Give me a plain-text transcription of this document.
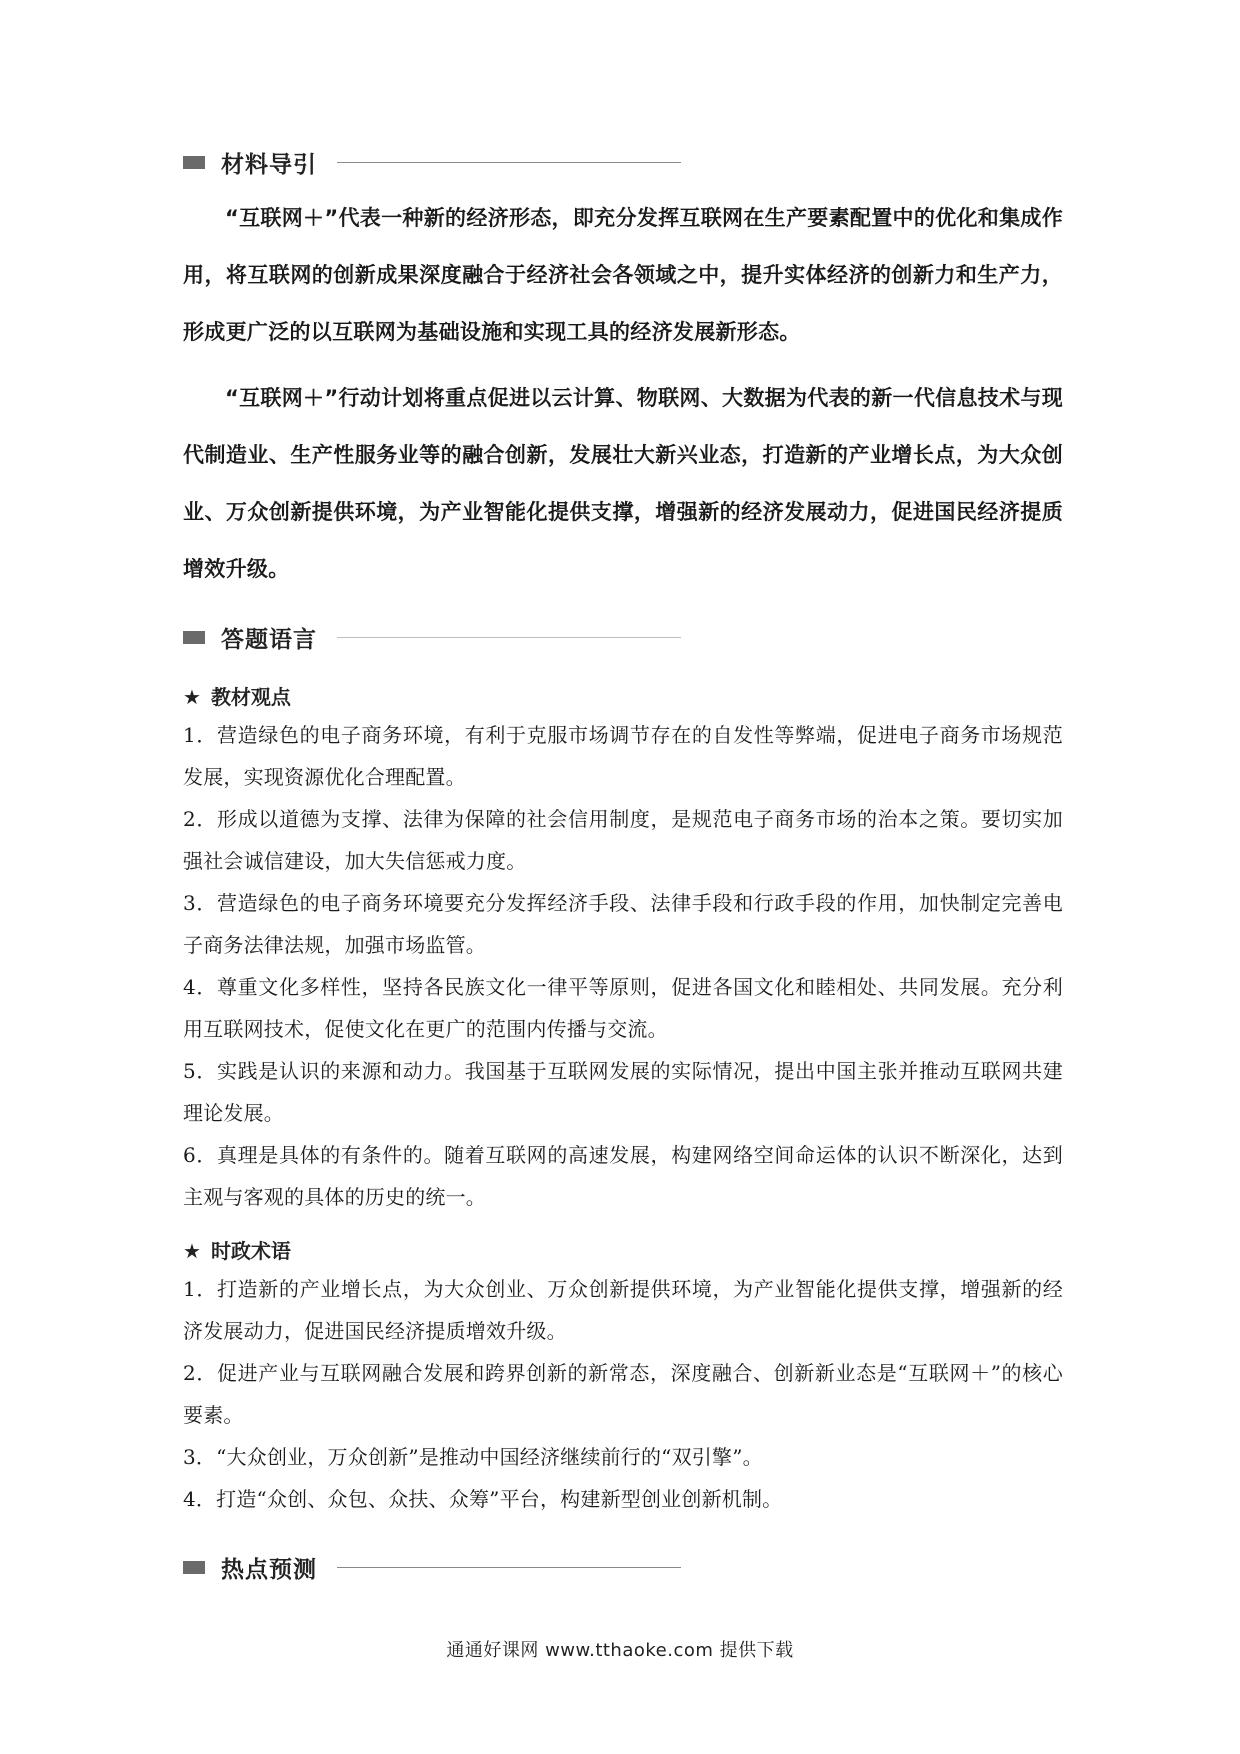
材料导引

“互联网＋”代表一种新的经济形态，即充分发挥互联网在生产要素配置中的优化和集成作用，将互联网的创新成果深度融合于经济社会各领域之中，提升实体经济的创新力和生产力，形成更广泛的以互联网为基础设施和实现工具的经济发展新形态。

“互联网＋”行动计划将重点促进以云计算、物联网、大数据为代表的新一代信息技术与现代制造业、生产性服务业等的融合创新，发展壮大新兴业态，打造新的产业增长点，为大众创业、万众创新提供环境，为产业智能化提供支撑，增强新的经济发展动力，促进国民经济提质增效升级。

答题语言
★ 教材观点
1．营造绿色的电子商务环境，有利于克服市场调节存在的自发性等弊端，促进电子商务市场规范发展，实现资源优化合理配置。
2．形成以道德为支撑、法律为保障的社会信用制度，是规范电子商务市场的治本之策。要切实加强社会诚信建设，加大失信惩戒力度。
3．营造绿色的电子商务环境要充分发挥经济手段、法律手段和行政手段的作用，加快制定完善电子商务法律法规，加强市场监管。
4．尊重文化多样性，坚持各民族文化一律平等原则，促进各国文化和睦相处、共同发展。充分利用互联网技术，促使文化在更广的范围内传播与交流。
5．实践是认识的来源和动力。我国基于互联网发展的实际情况，提出中国主张并推动互联网共建理论发展。
6．真理是具体的有条件的。随着互联网的高速发展，构建网络空间命运体的认识不断深化，达到主观与客观的具体的历史的统一。
★ 时政术语
1．打造新的产业增长点，为大众创业、万众创新提供环境，为产业智能化提供支撑，增强新的经济发展动力，促进国民经济提质增效升级。
2．促进产业与互联网融合发展和跨界创新的新常态，深度融合、创新新业态是“互联网＋”的核心要素。
3．“大众创业，万众创新”是推动中国经济继续前行的“双引擎”。
4．打造“众创、众包、众扶、众筹”平台，构建新型创业创新机制。
热点预测
通通好课网 www.tthaoke.com 提供下载
